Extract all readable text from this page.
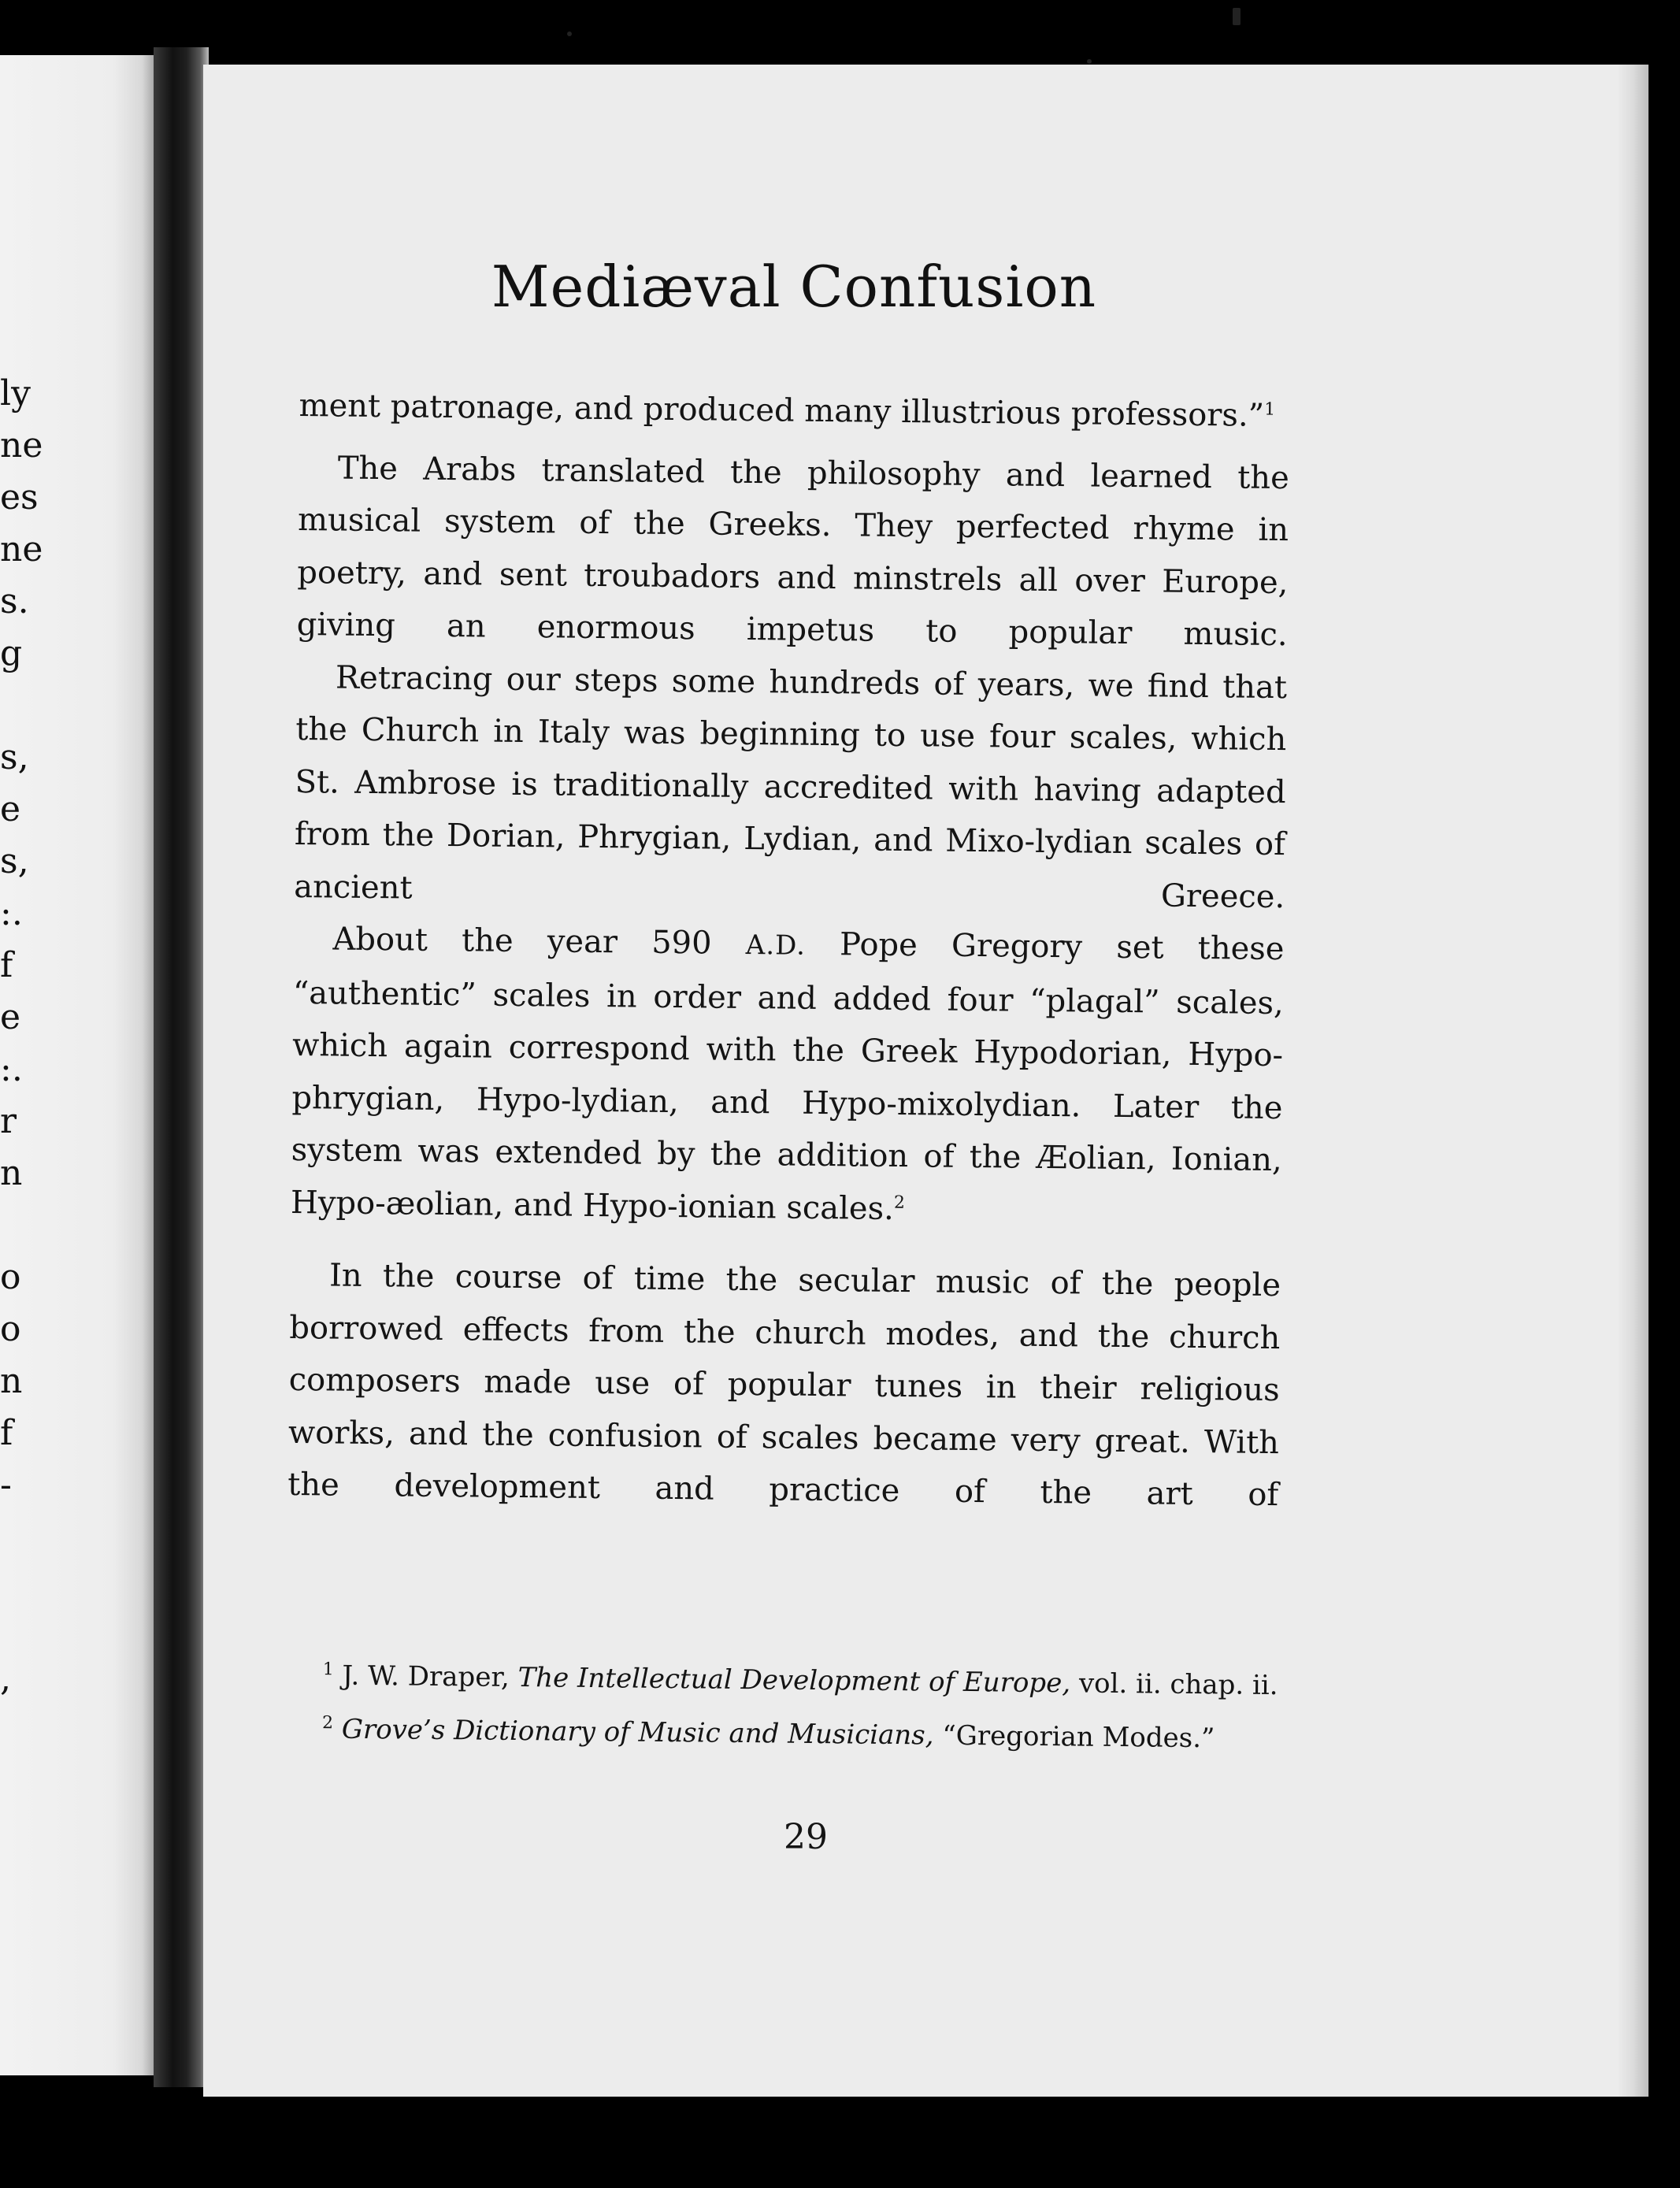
ly
ne
es
ne
s.
g
s,
e
s,
:.
f
e
:.
r
n
o
o
n
f
-
,
Mediæval Confusion

ment patronage, and produced many illustrious professors.”$^1$

The Arabs translated the philosophy and learned the musical system of the Greeks. They perfected rhyme in poetry, and sent troubadors and minstrels all over Europe, giving an enormous impetus to popular music.

Retracing our steps some hundreds of years, we find that the Church in Italy was beginning to use four scales, which St. Ambrose is traditionally accredited with having adapted from the Dorian, Phrygian, Lydian, and Mixo-lydian scales of ancient Greece.

About the year 590 A.D. Pope Gregory set these “authentic” scales in order and added four “plagal” scales, which again correspond with the Greek Hypodorian, Hypo-phrygian, Hypo-lydian, and Hypo-mixolydian. Later the system was extended by the addition of the Æolian, Ionian, Hypo-æolian, and Hypo-ionian scales.$^2$

In the course of time the secular music of the people borrowed effects from the church modes, and the church composers made use of popular tunes in their religious works, and the confusion of scales became very great. With the development and practice of the art of

$^1$ J. W. Draper, The Intellectual Development of Europe, vol. ii. chap. ii.

$^2$ Grove’s Dictionary of Music and Musicians, “Gregorian Modes.”

29
